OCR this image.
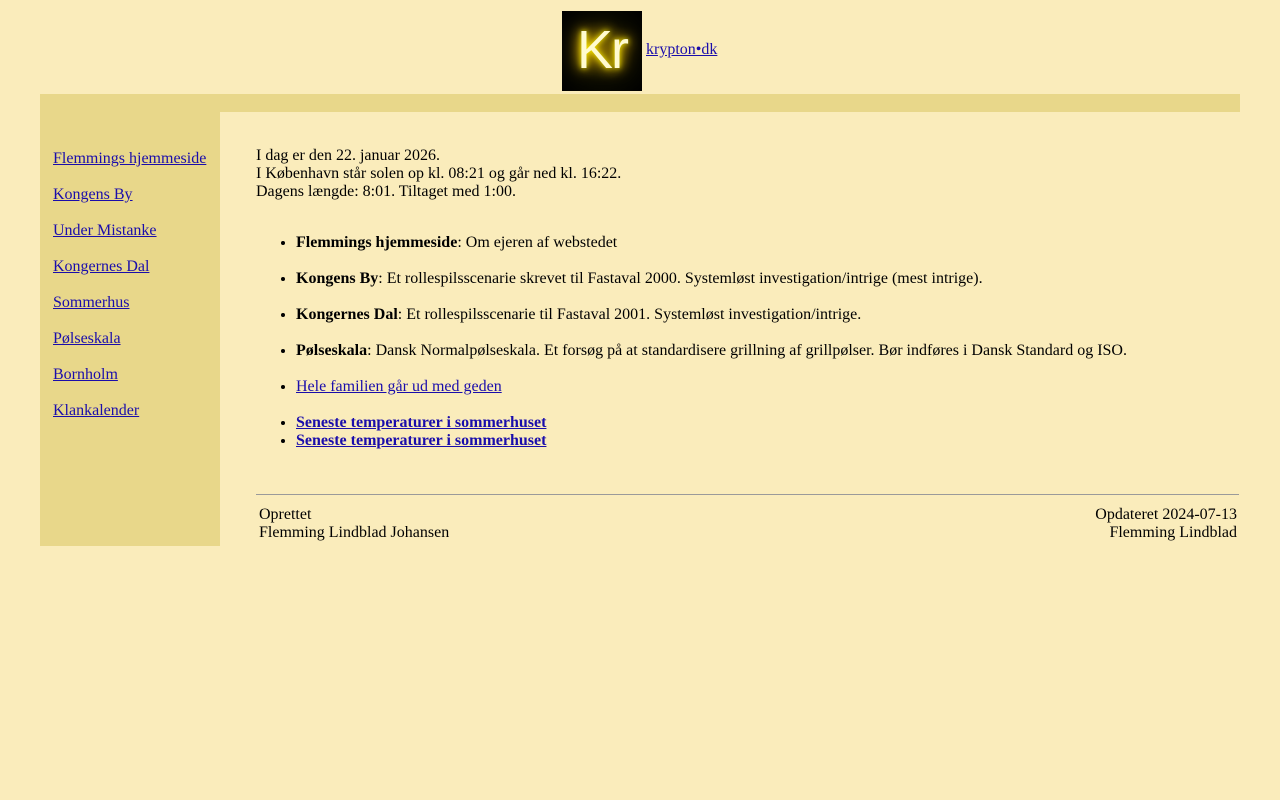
Kr krypton•dk
Flemmings hjemmeside
Kongens By
Under Mistanke
Kongernes Dal
Sommerhus
Pølseskala
Bornholm
Klankalender
I dag er den 22. januar 2026.
I København står solen op kl. 08:21 og går ned kl. 16:22.
Dagens længde: 8:01. Tiltaget med 1:00.
• Flemmings hjemmeside: Om ejeren af webstedet
• Kongens By: Et rollespilsscenarie skrevet til Fastaval 2000. Systemløst investigation/intrige (mest intrige).
• Kongernes Dal: Et rollespilsscenarie til Fastaval 2001. Systemløst investigation/intrige.
• Pølseskala: Dansk Normalpølseskala. Et forsøg på at standardisere grillning af grillpølser. Bør indføres i Dansk Standard og ISO.
• Hele familien går ud med geden
• Seneste temperaturer i sommerhuset
• Seneste temperaturer i sommerhuset
Oprettet
Flemming Lindblad Johansen
Opdateret 2024-07-13
Flemming Lindblad
